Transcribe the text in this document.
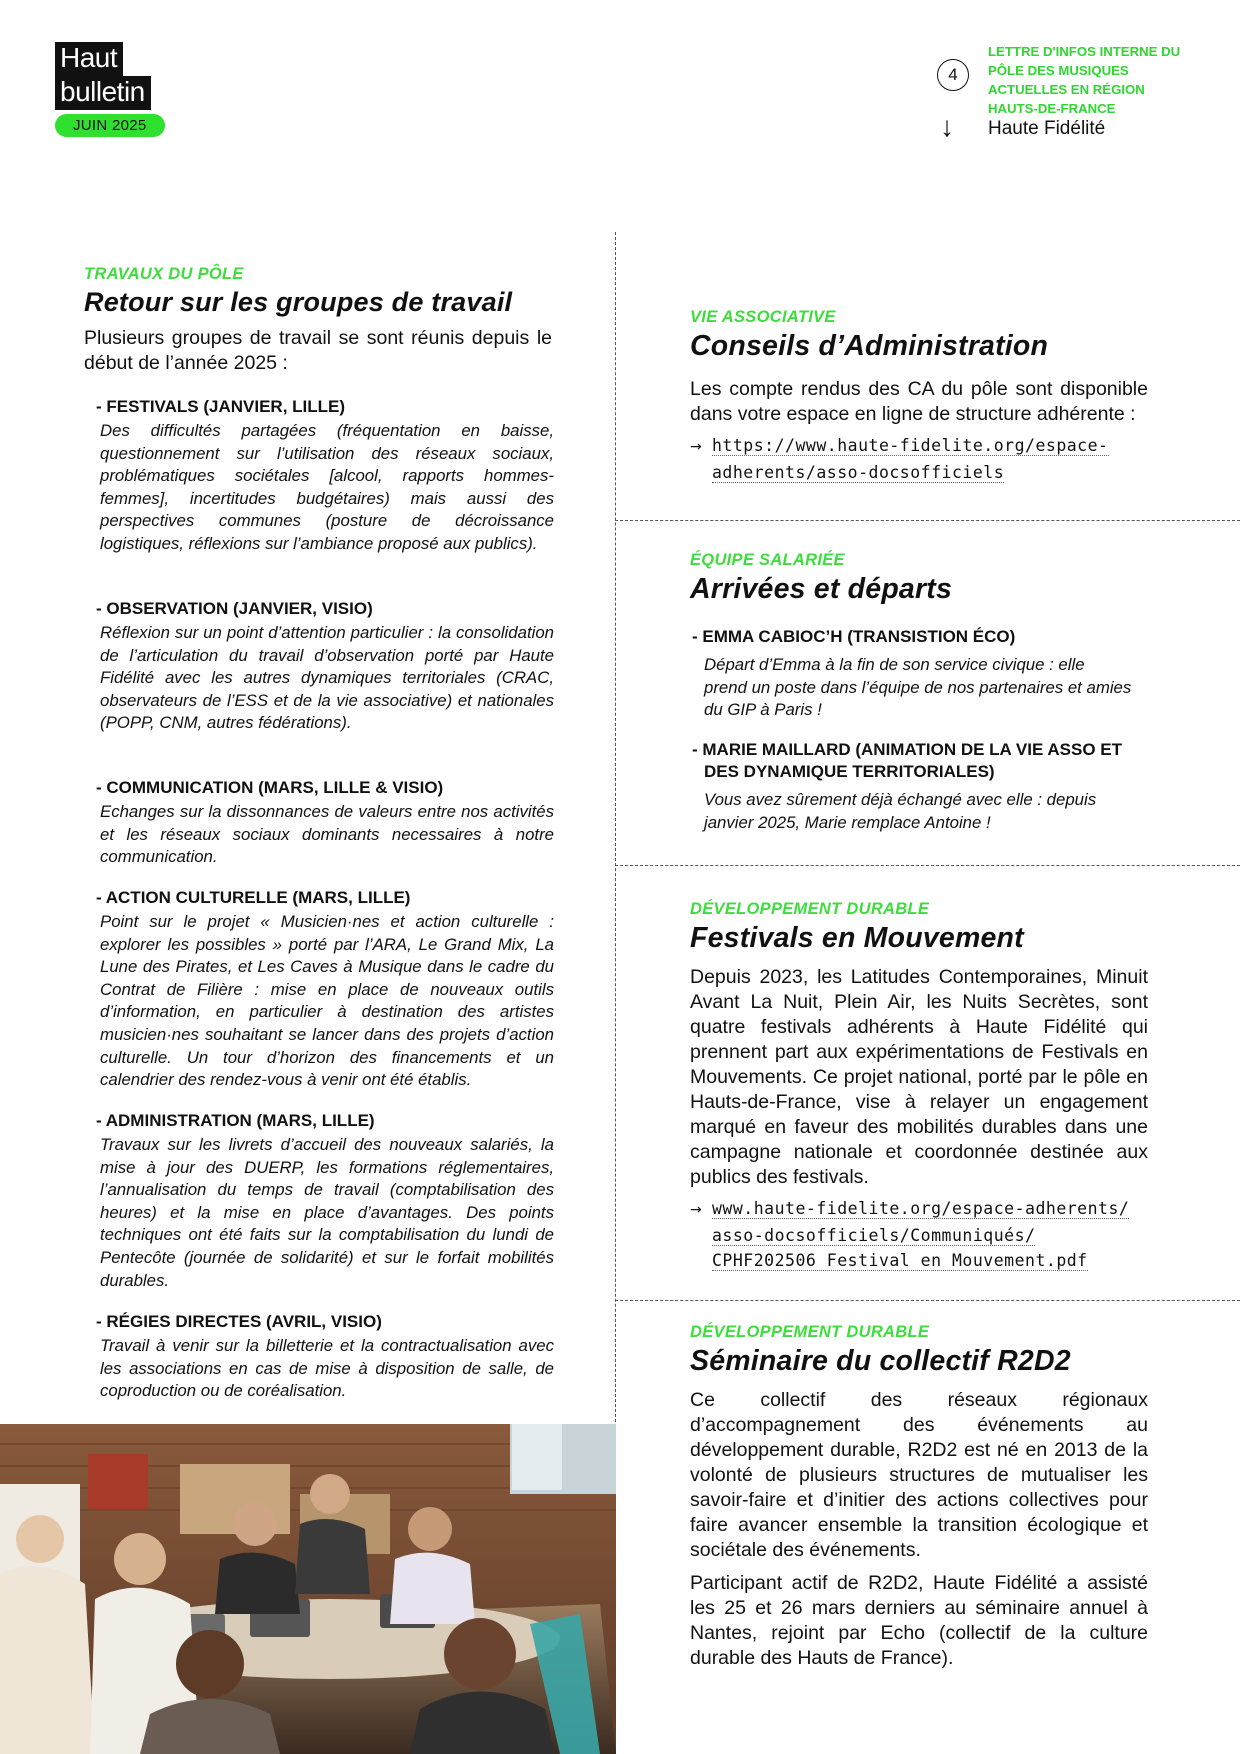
Haut
bulletin
JUIN 2025
4
↓
LETTRE D'INFOS INTERNE DU PÔLE DES MUSIQUES ACTUELLES EN RÉGION HAUTS-DE-FRANCE
Haute Fidélité
TRAVAUX DU PÔLE
Retour sur les groupes de travail
Plusieurs groupes de travail se sont réunis depuis le début de l’année 2025 :
- FESTIVALS (JANVIER, LILLE)
Des difficultés partagées (fréquentation en baisse, questionnement sur l’utilisation des réseaux sociaux, problématiques sociétales [alcool, rapports hommes-femmes], incertitudes budgétaires) mais aussi des perspectives communes (posture de décroissance logistiques, réflexions sur l’ambiance proposé aux publics).
- OBSERVATION (JANVIER, VISIO)
Réflexion sur un point d’attention particulier : la consolidation de l’articulation du travail d’observation porté par Haute Fidélité avec les autres dynamiques territoriales (CRAC, observateurs de l’ESS et de la vie associative) et nationales (POPP, CNM, autres fédérations).
- COMMUNICATION (MARS, LILLE & VISIO)
Echanges sur la dissonnances de valeurs entre nos activités et les réseaux sociaux dominants necessaires à notre communication.
- ACTION CULTURELLE (MARS, LILLE)
Point sur le projet « Musicien·nes et action culturelle : explorer les possibles » porté par l’ARA, Le Grand Mix, La Lune des Pirates, et Les Caves à Musique dans le cadre du Contrat de Filière : mise en place de nouveaux outils d’information, en particulier à destination des artistes musicien·nes souhaitant se lancer dans des projets d’action culturelle. Un tour d’horizon des financements et un calendrier des rendez-vous à venir ont été établis.
- ADMINISTRATION (MARS, LILLE)
Travaux sur les livrets d’accueil des nouveaux salariés, la mise à jour des DUERP, les formations réglementaires, l’annualisation du temps de travail (comptabilisation des heures) et la mise en place d’avantages. Des points techniques ont été faits sur la comptabilisation du lundi de Pentecôte (journée de solidarité) et sur le forfait mobilités durables.
- RÉGIES DIRECTES (AVRIL, VISIO)
Travail à venir sur la billetterie et la contractualisation avec les associations en cas de mise à disposition de salle, de coproduction ou de coréalisation.
VIE ASSOCIATIVE
Conseils d’Administration
Les compte rendus des CA du pôle sont disponible dans votre espace en ligne de structure adhérente :
→ https://www.haute-fidelite.org/espace-
adherents/asso-docsofficiels
ÉQUIPE SALARIÉE
Arrivées et départs
- EMMA CABIOC’H (TRANSISTION ÉCO)
Départ d’Emma à la fin de son service civique : elle prend un poste dans l’équipe de nos partenaires et amies du GIP à Paris !
- MARIE MAILLARD (ANIMATION DE LA VIE ASSO ET DES DYNAMIQUE TERRITORIALES)
Vous avez sûrement déjà échangé avec elle : depuis janvier 2025, Marie remplace Antoine !
DÉVELOPPEMENT DURABLE
Festivals en Mouvement
Depuis 2023, les Latitudes Contemporaines, Minuit Avant La Nuit, Plein Air, les Nuits Secrètes, sont quatre festivals adhérents à Haute Fidélité qui prennent part aux expérimentations de Festivals en Mouvements. Ce projet national, porté par le pôle en Hauts-de-France, vise à relayer un engagement marqué en faveur des mobilités durables dans une campagne nationale et coordonnée destinée aux publics des festivals.
→ www.haute-fidelite.org/espace-adherents/
asso-docsofficiels/Communiqués/
CPHF202506 Festival en Mouvement.pdf
DÉVELOPPEMENT DURABLE
Séminaire du collectif R2D2
Ce collectif des réseaux régionaux d’accompagnement des événements au développement durable, R2D2 est né en 2013 de la volonté de plusieurs structures de mutualiser les savoir-faire et d’initier des actions collectives pour faire avancer ensemble la transition écologique et sociétale des événements.
Participant actif de R2D2, Haute Fidélité a assisté les 25 et 26 mars derniers au séminaire annuel à Nantes, rejoint par Echo (collectif de la culture durable des Hauts de France).
